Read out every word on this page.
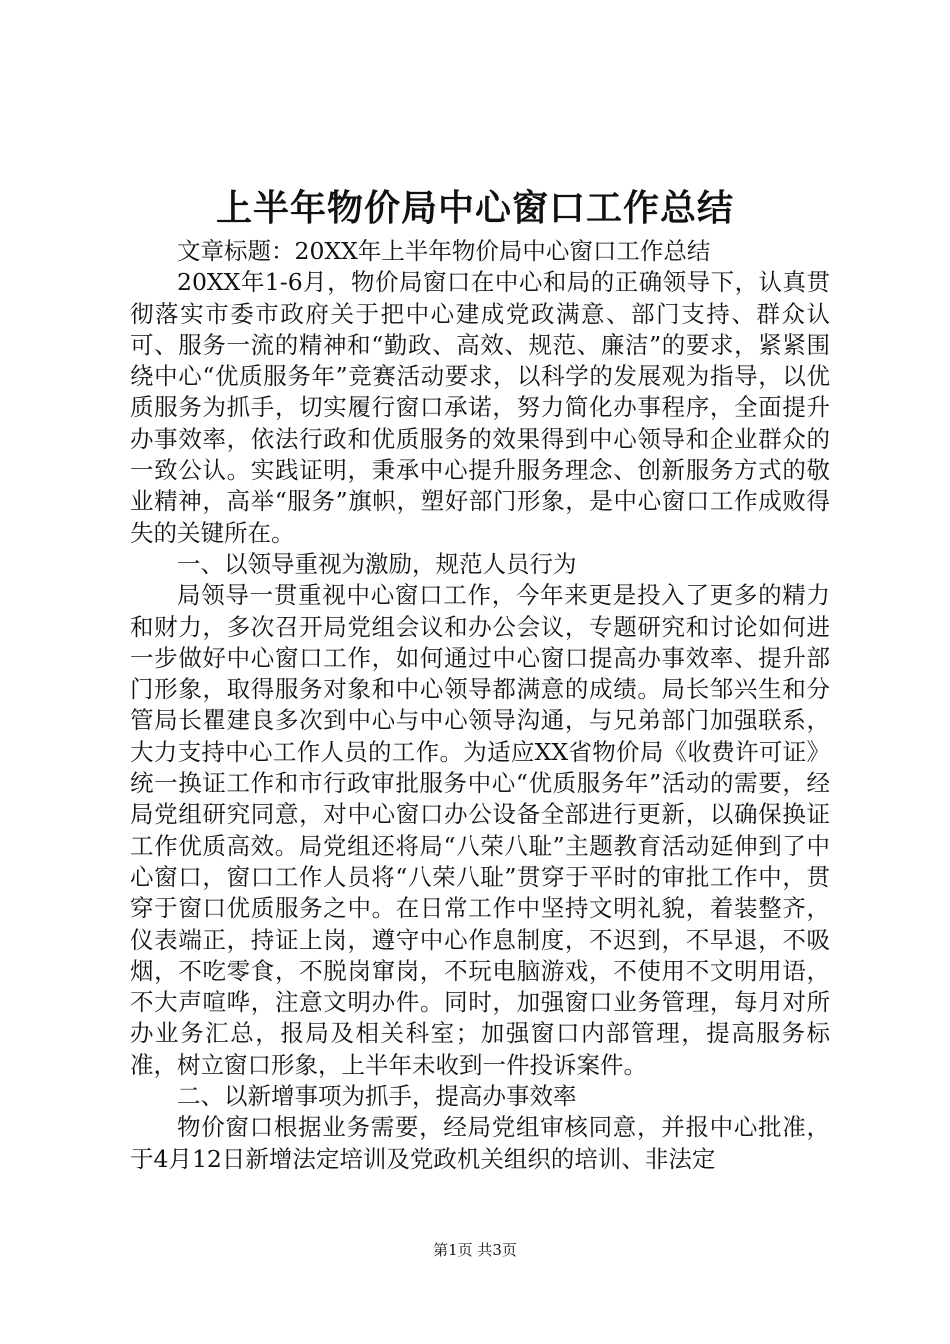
上半年物价局中心窗口工作总结

文章标题：20XX年上半年物价局中心窗口工作总结

20XX年1-6月，物价局窗口在中心和局的正确领导下，认真贯彻落实市委市政府关于把中心建成党政满意、部门支持、群众认可、服务一流的精神和“勤政、高效、规范、廉洁”的要求，紧紧围绕中心“优质服务年”竞赛活动要求，以科学的发展观为指导，以优质服务为抓手，切实履行窗口承诺，努力简化办事程序，全面提升办事效率，依法行政和优质服务的效果得到中心领导和企业群众的一致公认。实践证明，秉承中心提升服务理念、创新服务方式的敬业精神，高举“服务”旗帜，塑好部门形象，是中心窗口工作成败得失的关键所在。

一、以领导重视为激励，规范人员行为

局领导一贯重视中心窗口工作，今年来更是投入了更多的精力和财力，多次召开局党组会议和办公会议，专题研究和讨论如何进一步做好中心窗口工作，如何通过中心窗口提高办事效率、提升部门形象，取得服务对象和中心领导都满意的成绩。局长邹兴生和分管局长瞿建良多次到中心与中心领导沟通，与兄弟部门加强联系，大力支持中心工作人员的工作。为适应XX省物价局《收费许可证》统一换证工作和市行政审批服务中心“优质服务年”活动的需要，经局党组研究同意，对中心窗口办公设备全部进行更新，以确保换证工作优质高效。局党组还将局“八荣八耻”主题教育活动延伸到了中心窗口，窗口工作人员将“八荣八耻”贯穿于平时的审批工作中，贯穿于窗口优质服务之中。在日常工作中坚持文明礼貌，着装整齐，仪表端正，持证上岗，遵守中心作息制度，不迟到，不早退，不吸烟，不吃零食，不脱岗窜岗，不玩电脑游戏，不使用不文明用语，不大声喧哗，注意文明办件。同时，加强窗口业务管理，每月对所办业务汇总，报局及相关科室；加强窗口内部管理，提高服务标准，树立窗口形象，上半年未收到一件投诉案件。

二、以新增事项为抓手，提高办事效率

物价窗口根据业务需要，经局党组审核同意，并报中心批准，于4月12日新增法定培训及党政机关组织的培训、非法定

第1页 共3页
